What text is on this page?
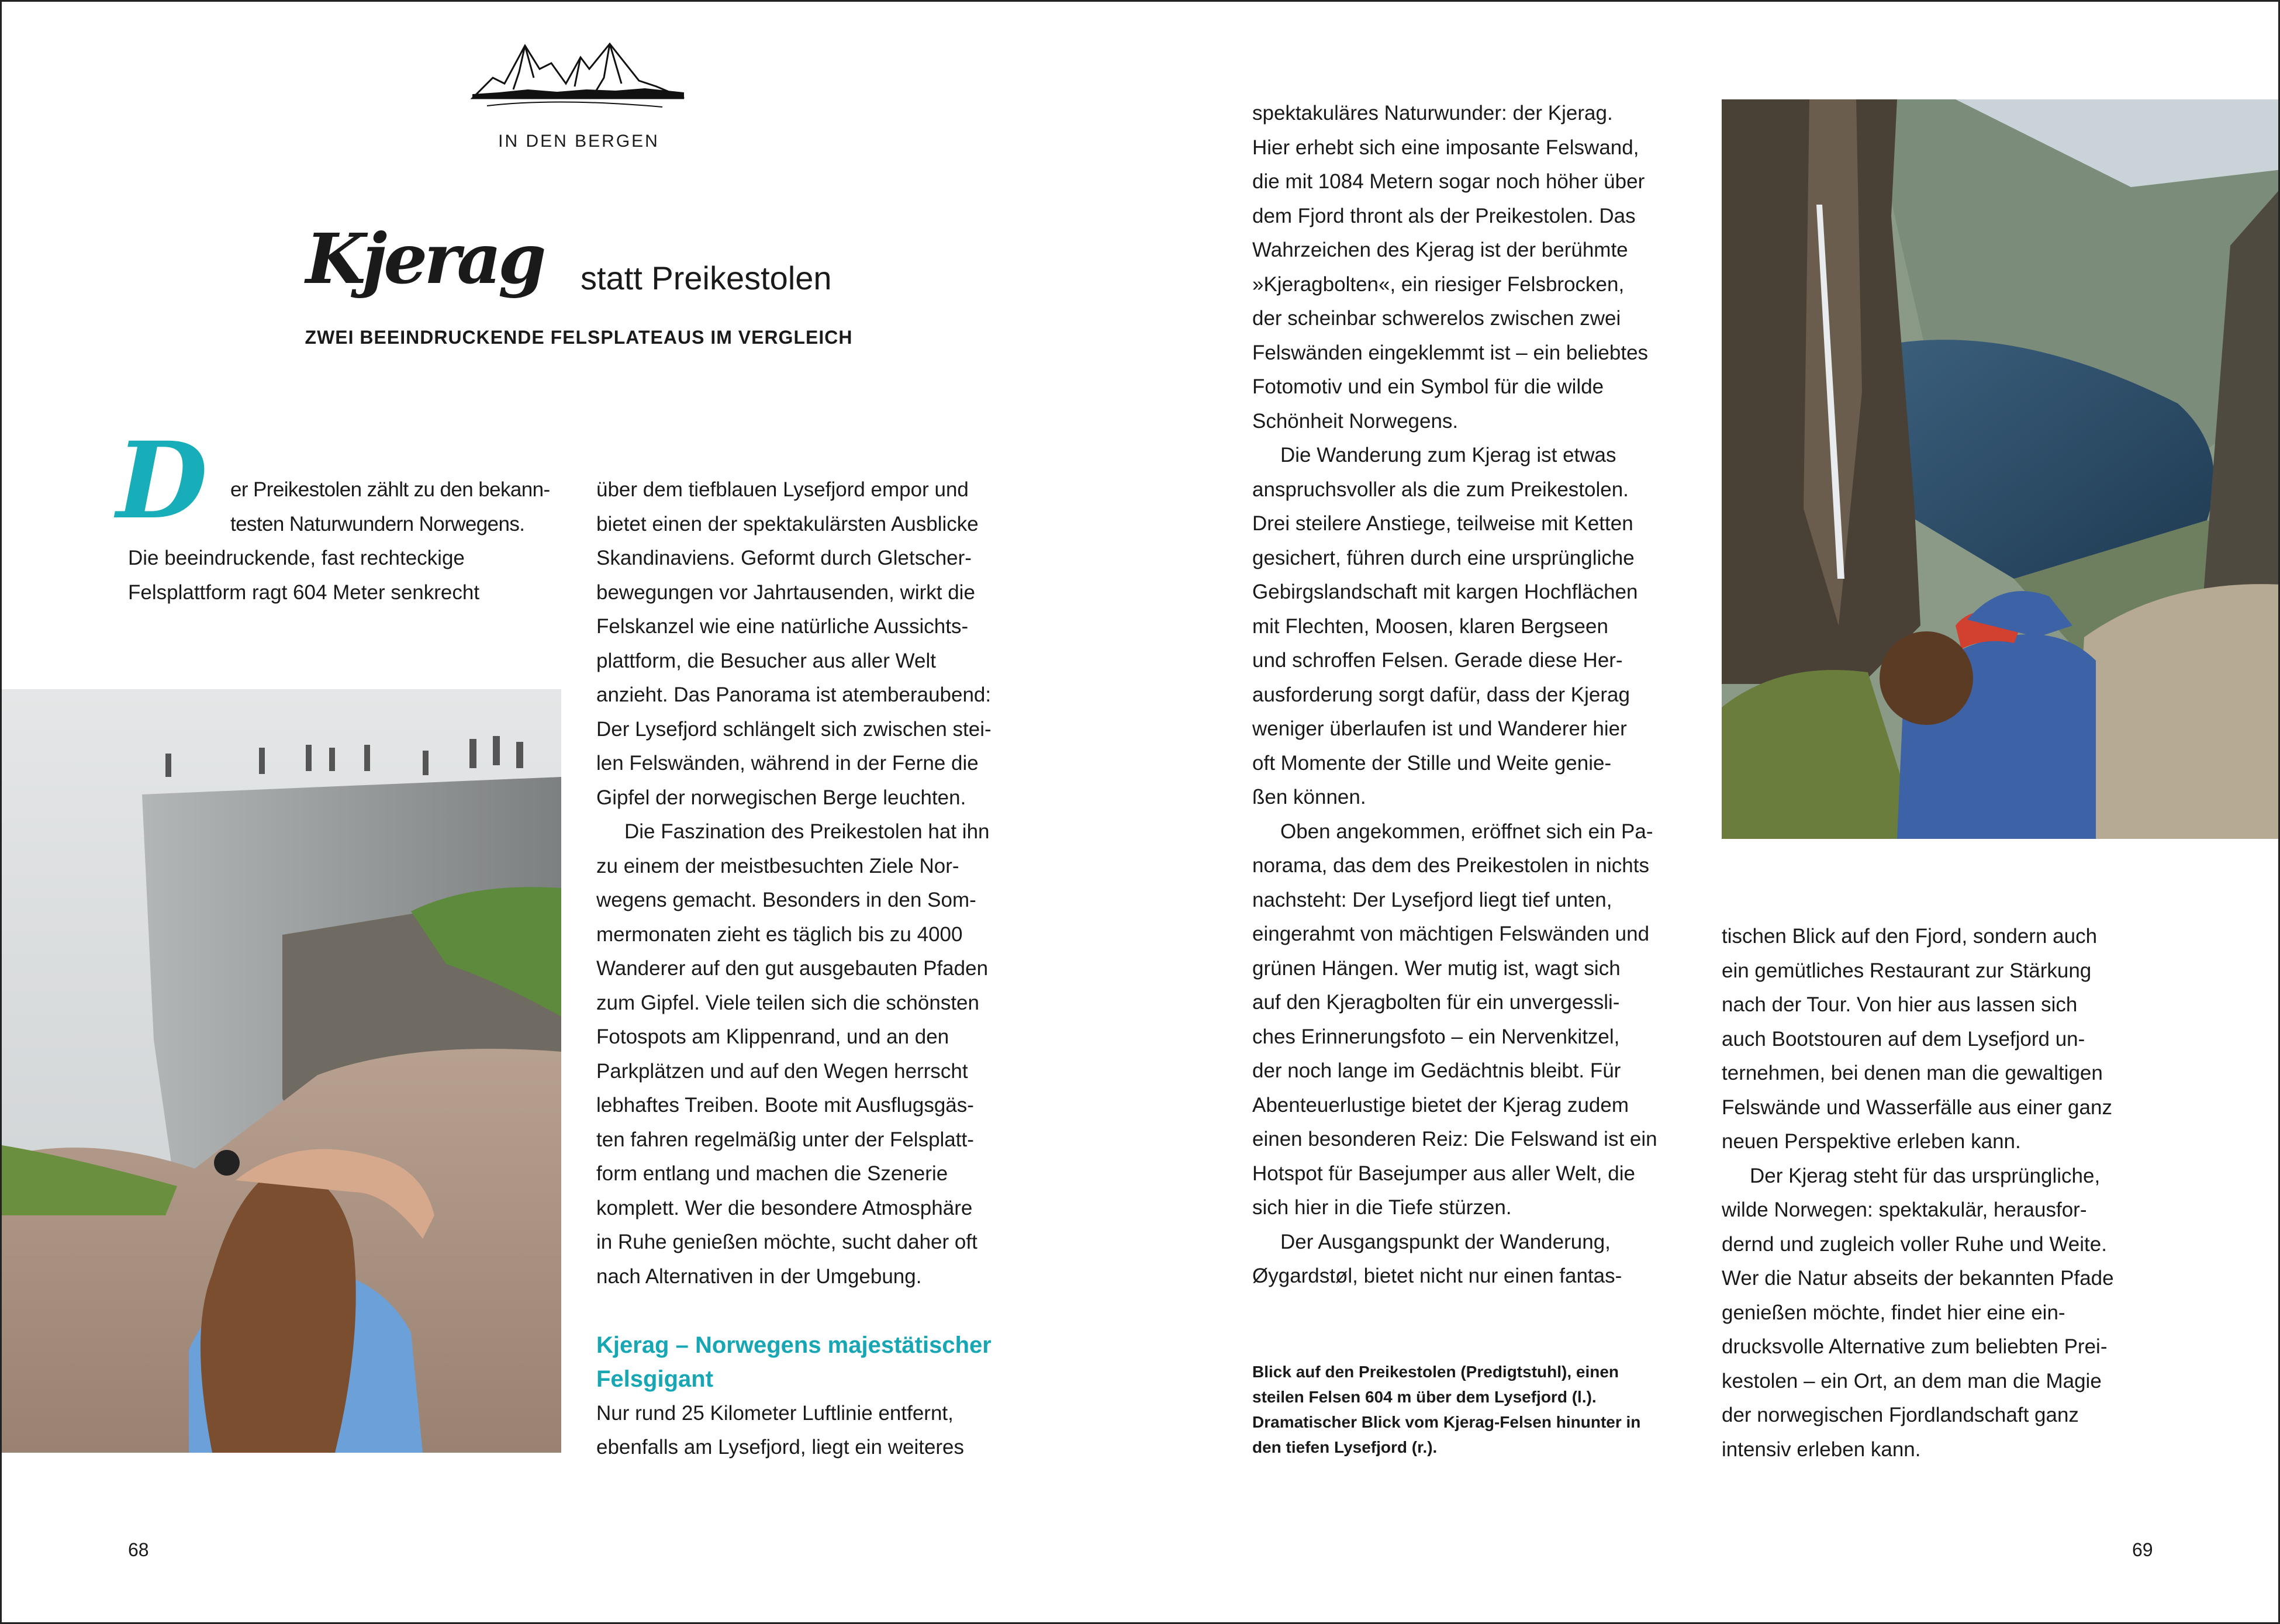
IN DEN BERGEN
Kjerag statt Preikestolen
ZWEI BEEINDRUCKENDE FELSPLATEAUS IM VERGLEICH
D	er Preikestolen zählt zu den bekann-
testen Naturwundern Norwegens.
Die beeindruckende, fast rechteckige
Felsplattform ragt 604 Meter senkrecht
über dem tiefblauen Lysefjord empor und
bietet einen der spektakulärsten Ausblicke
Skandinaviens. Geformt durch Gletscher-
bewegungen vor Jahrtausenden, wirkt die
Felskanzel wie eine natürliche Aussichts-
plattform, die Besucher aus aller Welt
anzieht. Das Panorama ist atemberaubend:
Der Lysefjord schlängelt sich zwischen stei-
len Felswänden, während in der Ferne die
Gipfel der norwegischen Berge leuchten.
Die Faszination des Preikestolen hat ihn
zu einem der meistbesuchten Ziele Nor-
wegens gemacht. Besonders in den Som-
mermonaten zieht es täglich bis zu 4000
Wanderer auf den gut ausgebauten Pfaden
zum Gipfel. Viele teilen sich die schönsten
Fotospots am Klippenrand, und an den
Parkplätzen und auf den Wegen herrscht
lebhaftes Treiben. Boote mit Ausflugsgäs-
ten fahren regelmäßig unter der Felsplatt-
form entlang und machen die Szenerie
komplett. Wer die besondere Atmosphäre
in Ruhe genießen möchte, sucht daher oft
nach Alternativen in der Umgebung.
Kjerag – Norwegens majestätischer
Felsgigant
Nur rund 25 Kilometer Luftlinie entfernt,
ebenfalls am Lysefjord, liegt ein weiteres
spektakuläres Naturwunder: der Kjerag.
Hier erhebt sich eine imposante Felswand,
die mit 1084 Metern sogar noch höher über
dem Fjord thront als der Preikestolen. Das
Wahrzeichen des Kjerag ist der berühmte
»Kjeragbolten«, ein riesiger Felsbrocken,
der scheinbar schwerelos zwischen zwei
Felswänden eingeklemmt ist – ein beliebtes
Fotomotiv und ein Symbol für die wilde
Schönheit Norwegens.
Die Wanderung zum Kjerag ist etwas
anspruchsvoller als die zum Preikestolen.
Drei steilere Anstiege, teilweise mit Ketten
gesichert, führen durch eine ursprüngliche
Gebirgslandschaft mit kargen Hochflächen
mit Flechten, Moosen, klaren Bergseen
und schroffen Felsen. Gerade diese Her-
ausforderung sorgt dafür, dass der Kjerag
weniger überlaufen ist und Wanderer hier
oft Momente der Stille und Weite genie-
ßen können.
Oben angekommen, eröffnet sich ein Pa-
norama, das dem des Preikestolen in nichts
nachsteht: Der Lysefjord liegt tief unten,
eingerahmt von mächtigen Felswänden und
grünen Hängen. Wer mutig ist, wagt sich
auf den Kjeragbolten für ein unvergessli-
ches Erinnerungsfoto – ein Nervenkitzel,
der noch lange im Gedächtnis bleibt. Für
Abenteuerlustige bietet der Kjerag zudem
einen besonderen Reiz: Die Felswand ist ein
Hotspot für Basejumper aus aller Welt, die
sich hier in die Tiefe stürzen.
Der Ausgangspunkt der Wanderung,
Øygardstøl, bietet nicht nur einen fantas-
tischen Blick auf den Fjord, sondern auch
ein gemütliches Restaurant zur Stärkung
nach der Tour. Von hier aus lassen sich
auch Bootstouren auf dem Lysefjord un-
ternehmen, bei denen man die gewaltigen
Felswände und Wasserfälle aus einer ganz
neuen Perspektive erleben kann.
Der Kjerag steht für das ursprüngliche,
wilde Norwegen: spektakulär, herausfor-
dernd und zugleich voller Ruhe und Weite.
Wer die Natur abseits der bekannten Pfade
genießen möchte, findet hier eine ein-
drucksvolle Alternative zum beliebten Prei-
kestolen – ein Ort, an dem man die Magie
der norwegischen Fjordlandschaft ganz
intensiv erleben kann.
Blick auf den Preikestolen (Predigtstuhl), einen
steilen Felsen 604 m über dem Lysefjord (l.).
Dramatischer Blick vom Kjerag-Felsen hinunter in
den tiefen Lysefjord (r.).
68	69
